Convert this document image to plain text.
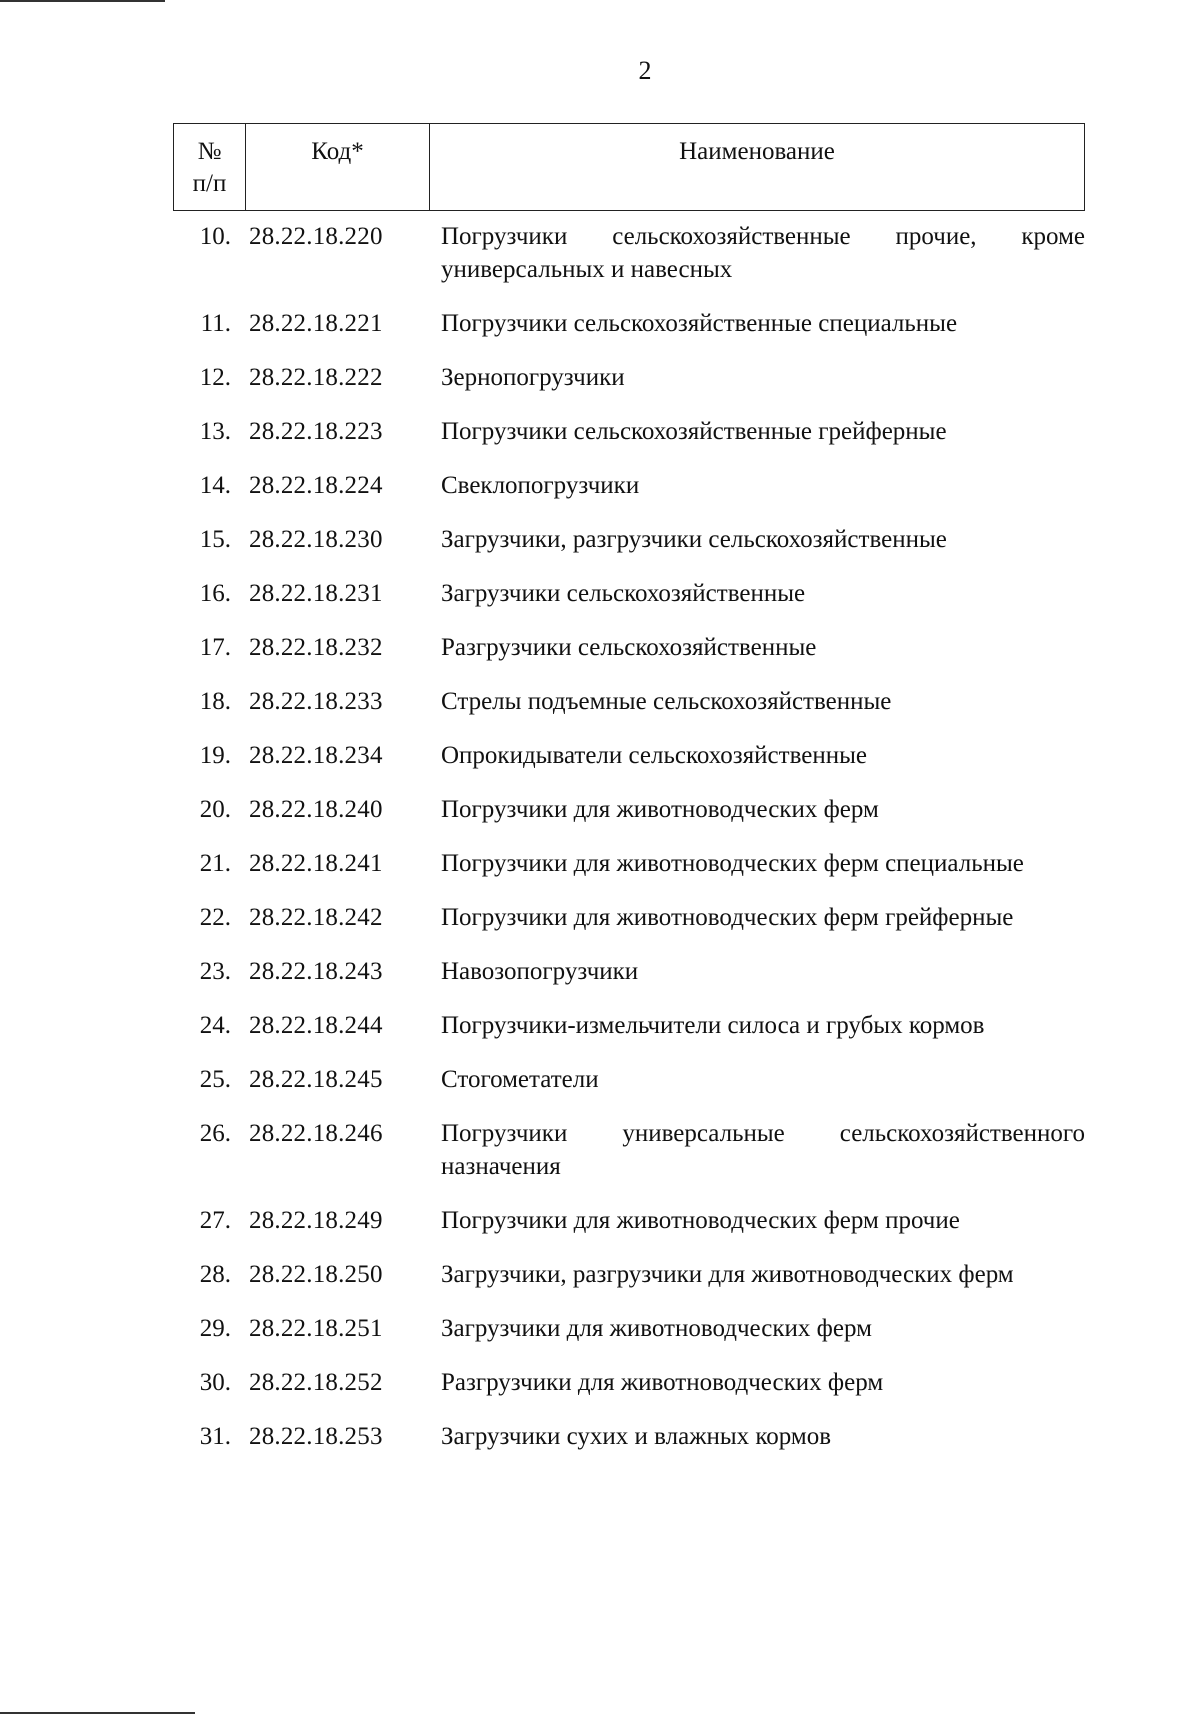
2
№
п/п
Код*	Наименование
10. 28.22.18.220	Погрузчики сельскохозяйственные прочие, кроме универсальных и навесных
11. 28.22.18.221	Погрузчики сельскохозяйственные специальные
12. 28.22.18.222	Зернопогрузчики
13. 28.22.18.223	Погрузчики сельскохозяйственные грейферные
14. 28.22.18.224	Свеклопогрузчики
15. 28.22.18.230	Загрузчики, разгрузчики сельскохозяйственные
16. 28.22.18.231	Загрузчики сельскохозяйственные
17. 28.22.18.232	Разгрузчики сельскохозяйственные
18. 28.22.18.233	Стрелы подъемные сельскохозяйственные
19. 28.22.18.234	Опрокидыватели сельскохозяйственные
20. 28.22.18.240	Погрузчики для животноводческих ферм
21. 28.22.18.241	Погрузчики для животноводческих ферм специальные
22. 28.22.18.242	Погрузчики для животноводческих ферм грейферные
23. 28.22.18.243	Навозопогрузчики
24. 28.22.18.244	Погрузчики-измельчители силоса и грубых кормов
25. 28.22.18.245	Стогометатели
26. 28.22.18.246	Погрузчики универсальные сельскохозяйственного назначения
27. 28.22.18.249	Погрузчики для животноводческих ферм прочие
28. 28.22.18.250	Загрузчики, разгрузчики для животноводческих ферм
29. 28.22.18.251	Загрузчики для животноводческих ферм
30. 28.22.18.252	Разгрузчики для животноводческих ферм
31. 28.22.18.253	Загрузчики сухих и влажных кормов
